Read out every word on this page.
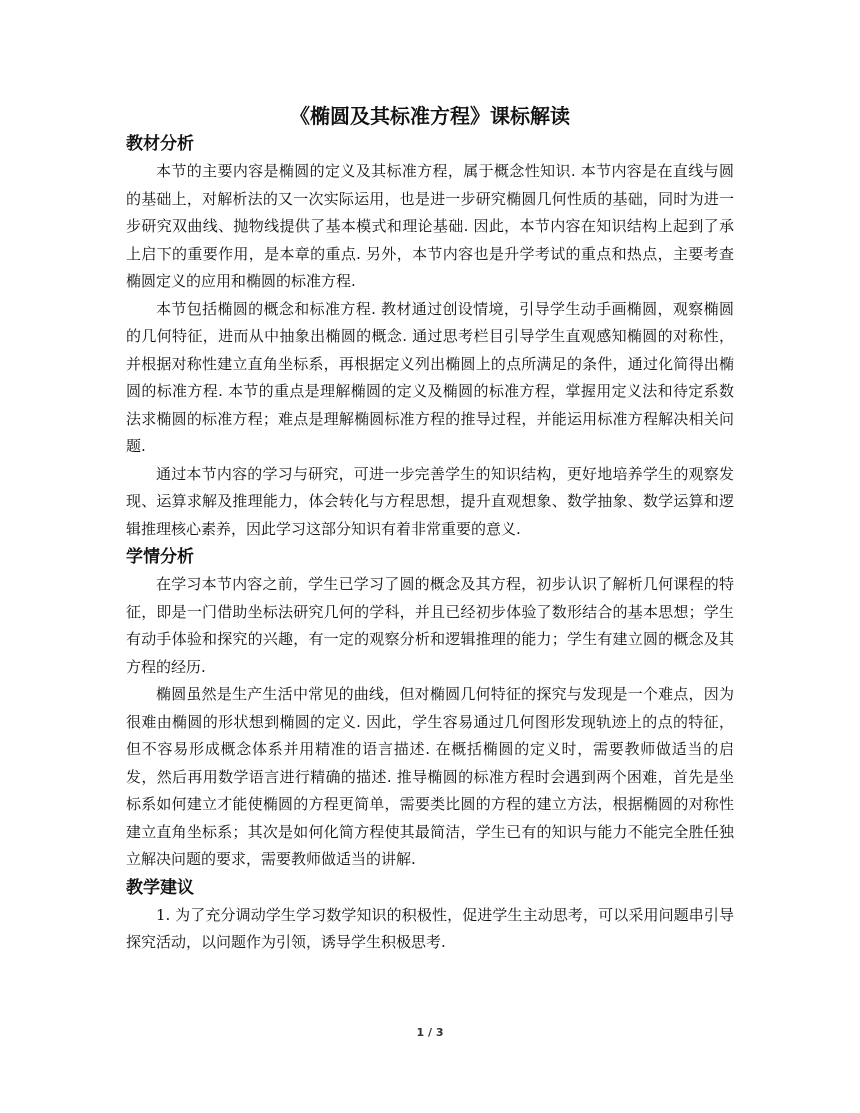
《椭圆及其标准方程》课标解读
教材分析

本节的主要内容是椭圆的定义及其标准方程，属于概念性知识. 本节内容是在直线与圆的基础上，对解析法的又一次实际运用，也是进一步研究椭圆几何性质的基础，同时为进一步研究双曲线、抛物线提供了基本模式和理论基础. 因此，本节内容在知识结构上起到了承上启下的重要作用，是本章的重点. 另外，本节内容也是升学考试的重点和热点，主要考查椭圆定义的应用和椭圆的标准方程.

本节包括椭圆的概念和标准方程. 教材通过创设情境，引导学生动手画椭圆，观察椭圆的几何特征，进而从中抽象出椭圆的概念. 通过思考栏目引导学生直观感知椭圆的对称性，并根据对称性建立直角坐标系，再根据定义列出椭圆上的点所满足的条件，通过化简得出椭圆的标准方程. 本节的重点是理解椭圆的定义及椭圆的标准方程，掌握用定义法和待定系数法求椭圆的标准方程；难点是理解椭圆标准方程的推导过程，并能运用标准方程解决相关问题.

通过本节内容的学习与研究，可进一步完善学生的知识结构，更好地培养学生的观察发现、运算求解及推理能力，体会转化与方程思想，提升直观想象、数学抽象、数学运算和逻辑推理核心素养，因此学习这部分知识有着非常重要的意义.

学情分析

在学习本节内容之前，学生已学习了圆的概念及其方程，初步认识了解析几何课程的特征，即是一门借助坐标法研究几何的学科，并且已经初步体验了数形结合的基本思想；学生有动手体验和探究的兴趣，有一定的观察分析和逻辑推理的能力；学生有建立圆的概念及其方程的经历.

椭圆虽然是生产生活中常见的曲线，但对椭圆几何特征的探究与发现是一个难点，因为很难由椭圆的形状想到椭圆的定义. 因此，学生容易通过几何图形发现轨迹上的点的特征，但不容易形成概念体系并用精准的语言描述. 在概括椭圆的定义时，需要教师做适当的启发，然后再用数学语言进行精确的描述. 推导椭圆的标准方程时会遇到两个困难，首先是坐标系如何建立才能使椭圆的方程更简单，需要类比圆的方程的建立方法，根据椭圆的对称性建立直角坐标系；其次是如何化简方程使其最简洁，学生已有的知识与能力不能完全胜任独立解决问题的要求，需要教师做适当的讲解.

教学建议

1. 为了充分调动学生学习数学知识的积极性，促进学生主动思考，可以采用问题串引导探究活动，以问题作为引领，诱导学生积极思考.

1 / 3
